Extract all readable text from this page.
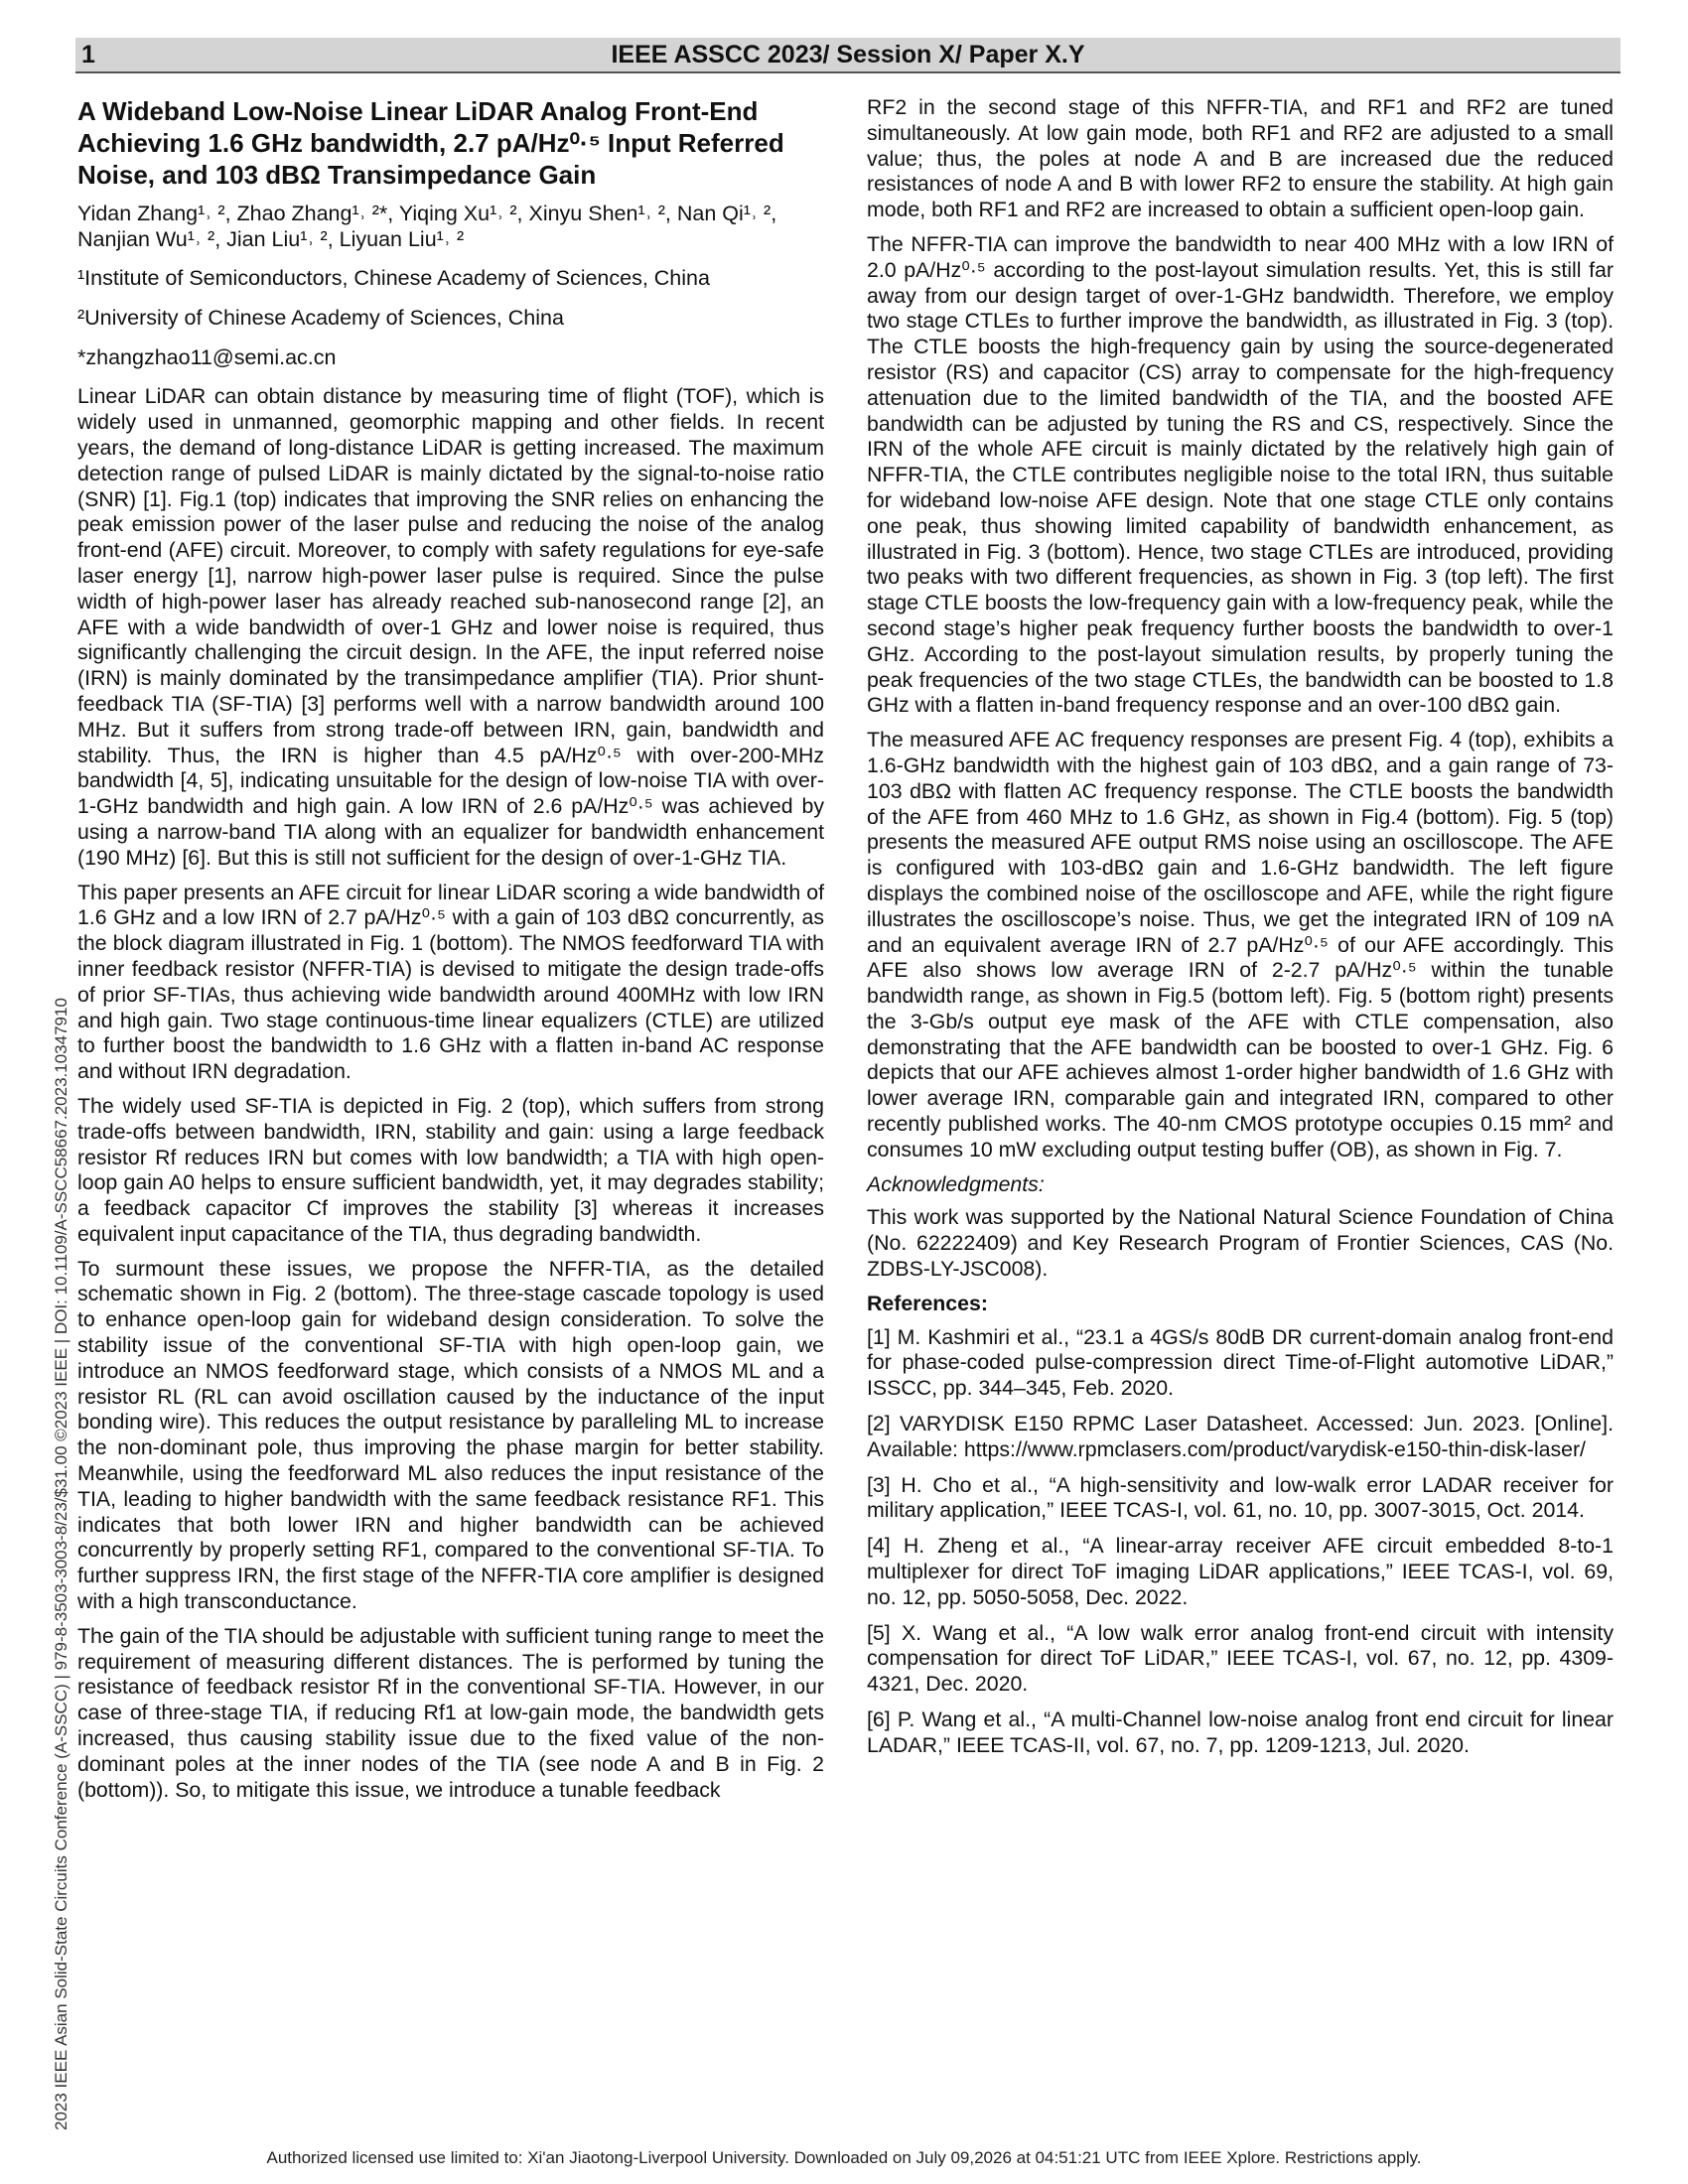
1	IEEE ASSCC 2023/ Session X/ Paper X.Y
2023 IEEE Asian Solid-State Circuits Conference (A-SSCC) | 979-8-3503-3003-8/23/$31.00 ©2023 IEEE | DOI: 10.1109/A-SSCC58667.2023.10347910
A Wideband Low-Noise Linear LiDAR Analog Front-End Achieving 1.6 GHz bandwidth, 2.7 pA/Hz⁰·⁵ Input Referred Noise, and 103 dBΩ Transimpedance Gain
Yidan Zhang¹˒ ², Zhao Zhang¹˒ ²*, Yiqing Xu¹˒ ², Xinyu Shen¹˒ ², Nan Qi¹˒ ², Nanjian Wu¹˒ ², Jian Liu¹˒ ², Liyuan Liu¹˒ ²
¹Institute of Semiconductors, Chinese Academy of Sciences, China
²University of Chinese Academy of Sciences, China
*zhangzhao11@semi.ac.cn

Linear LiDAR can obtain distance by measuring time of flight (TOF), which is widely used in unmanned, geomorphic mapping and other fields. In recent years, the demand of long-distance LiDAR is getting increased. The maximum detection range of pulsed LiDAR is mainly dictated by the signal-to-noise ratio (SNR) [1]. Fig.1 (top) indicates that improving the SNR relies on enhancing the peak emission power of the laser pulse and reducing the noise of the analog front-end (AFE) circuit. Moreover, to comply with safety regulations for eye-safe laser energy [1], narrow high-power laser pulse is required. Since the pulse width of high-power laser has already reached sub-nanosecond range [2], an AFE with a wide bandwidth of over-1 GHz and lower noise is required, thus significantly challenging the circuit design. In the AFE, the input referred noise (IRN) is mainly dominated by the transimpedance amplifier (TIA). Prior shunt-feedback TIA (SF-TIA) [3] performs well with a narrow bandwidth around 100 MHz. But it suffers from strong trade-off between IRN, gain, bandwidth and stability. Thus, the IRN is higher than 4.5 pA/Hz⁰·⁵ with over-200-MHz bandwidth [4, 5], indicating unsuitable for the design of low-noise TIA with over-1-GHz bandwidth and high gain. A low IRN of 2.6 pA/Hz⁰·⁵ was achieved by using a narrow-band TIA along with an equalizer for bandwidth enhancement (190 MHz) [6]. But this is still not sufficient for the design of over-1-GHz TIA.

This paper presents an AFE circuit for linear LiDAR scoring a wide bandwidth of 1.6 GHz and a low IRN of 2.7 pA/Hz⁰·⁵ with a gain of 103 dBΩ concurrently, as the block diagram illustrated in Fig. 1 (bottom). The NMOS feedforward TIA with inner feedback resistor (NFFR-TIA) is devised to mitigate the design trade-offs of prior SF-TIAs, thus achieving wide bandwidth around 400MHz with low IRN and high gain. Two stage continuous-time linear equalizers (CTLE) are utilized to further boost the bandwidth to 1.6 GHz with a flatten in-band AC response and without IRN degradation.

The widely used SF-TIA is depicted in Fig. 2 (top), which suffers from strong trade-offs between bandwidth, IRN, stability and gain: using a large feedback resistor Rf reduces IRN but comes with low bandwidth; a TIA with high open-loop gain A0 helps to ensure sufficient bandwidth, yet, it may degrades stability; a feedback capacitor Cf improves the stability [3] whereas it increases equivalent input capacitance of the TIA, thus degrading bandwidth.

To surmount these issues, we propose the NFFR-TIA, as the detailed schematic shown in Fig. 2 (bottom). The three-stage cascade topology is used to enhance open-loop gain for wideband design consideration. To solve the stability issue of the conventional SF-TIA with high open-loop gain, we introduce an NMOS feedforward stage, which consists of a NMOS ML and a resistor RL (RL can avoid oscillation caused by the inductance of the input bonding wire). This reduces the output resistance by paralleling ML to increase the non-dominant pole, thus improving the phase margin for better stability. Meanwhile, using the feedforward ML also reduces the input resistance of the TIA, leading to higher bandwidth with the same feedback resistance RF1. This indicates that both lower IRN and higher bandwidth can be achieved concurrently by properly setting RF1, compared to the conventional SF-TIA. To further suppress IRN, the first stage of the NFFR-TIA core amplifier is designed with a high transconductance.

The gain of the TIA should be adjustable with sufficient tuning range to meet the requirement of measuring different distances. The is performed by tuning the resistance of feedback resistor Rf in the conventional SF-TIA. However, in our case of three-stage TIA, if reducing Rf1 at low-gain mode, the bandwidth gets increased, thus causing stability issue due to the fixed value of the non-dominant poles at the inner nodes of the TIA (see node A and B in Fig. 2 (bottom)). So, to mitigate this issue, we introduce a tunable feedback

RF2 in the second stage of this NFFR-TIA, and RF1 and RF2 are tuned simultaneously. At low gain mode, both RF1 and RF2 are adjusted to a small value; thus, the poles at node A and B are increased due the reduced resistances of node A and B with lower RF2 to ensure the stability. At high gain mode, both RF1 and RF2 are increased to obtain a sufficient open-loop gain.

The NFFR-TIA can improve the bandwidth to near 400 MHz with a low IRN of 2.0 pA/Hz⁰·⁵ according to the post-layout simulation results. Yet, this is still far away from our design target of over-1-GHz bandwidth. Therefore, we employ two stage CTLEs to further improve the bandwidth, as illustrated in Fig. 3 (top). The CTLE boosts the high-frequency gain by using the source-degenerated resistor (RS) and capacitor (CS) array to compensate for the high-frequency attenuation due to the limited bandwidth of the TIA, and the boosted AFE bandwidth can be adjusted by tuning the RS and CS, respectively. Since the IRN of the whole AFE circuit is mainly dictated by the relatively high gain of NFFR-TIA, the CTLE contributes negligible noise to the total IRN, thus suitable for wideband low-noise AFE design. Note that one stage CTLE only contains one peak, thus showing limited capability of bandwidth enhancement, as illustrated in Fig. 3 (bottom). Hence, two stage CTLEs are introduced, providing two peaks with two different frequencies, as shown in Fig. 3 (top left). The first stage CTLE boosts the low-frequency gain with a low-frequency peak, while the second stage’s higher peak frequency further boosts the bandwidth to over-1 GHz. According to the post-layout simulation results, by properly tuning the peak frequencies of the two stage CTLEs, the bandwidth can be boosted to 1.8 GHz with a flatten in-band frequency response and an over-100 dBΩ gain.

The measured AFE AC frequency responses are present Fig. 4 (top), exhibits a 1.6-GHz bandwidth with the highest gain of 103 dBΩ, and a gain range of 73-103 dBΩ with flatten AC frequency response. The CTLE boosts the bandwidth of the AFE from 460 MHz to 1.6 GHz, as shown in Fig.4 (bottom). Fig. 5 (top) presents the measured AFE output RMS noise using an oscilloscope. The AFE is configured with 103-dBΩ gain and 1.6-GHz bandwidth. The left figure displays the combined noise of the oscilloscope and AFE, while the right figure illustrates the oscilloscope’s noise. Thus, we get the integrated IRN of 109 nA and an equivalent average IRN of 2.7 pA/Hz⁰·⁵ of our AFE accordingly. This AFE also shows low average IRN of 2-2.7 pA/Hz⁰·⁵ within the tunable bandwidth range, as shown in Fig.5 (bottom left). Fig. 5 (bottom right) presents the 3-Gb/s output eye mask of the AFE with CTLE compensation, also demonstrating that the AFE bandwidth can be boosted to over-1 GHz. Fig. 6 depicts that our AFE achieves almost 1-order higher bandwidth of 1.6 GHz with lower average IRN, comparable gain and integrated IRN, compared to other recently published works. The 40-nm CMOS prototype occupies 0.15 mm² and consumes 10 mW excluding output testing buffer (OB), as shown in Fig. 7.

Acknowledgments:

This work was supported by the National Natural Science Foundation of China (No. 62222409) and Key Research Program of Frontier Sciences, CAS (No. ZDBS-LY-JSC008).

References:
[1] M. Kashmiri et al., “23.1 a 4GS/s 80dB DR current-domain analog front-end for phase-coded pulse-compression direct Time-of-Flight automotive LiDAR,” ISSCC, pp. 344–345, Feb. 2020.
[2] VARYDISK E150 RPMC Laser Datasheet. Accessed: Jun. 2023. [Online]. Available: https://www.rpmclasers.com/product/varydisk-e150-thin-disk-laser/
[3] H. Cho et al., “A high-sensitivity and low-walk error LADAR receiver for military application,” IEEE TCAS-I, vol. 61, no. 10, pp. 3007-3015, Oct. 2014.
[4] H. Zheng et al., “A linear-array receiver AFE circuit embedded 8-to-1 multiplexer for direct ToF imaging LiDAR applications,” IEEE TCAS-I, vol. 69, no. 12, pp. 5050-5058, Dec. 2022.
[5] X. Wang et al., “A low walk error analog front-end circuit with intensity compensation for direct ToF LiDAR,” IEEE TCAS-I, vol. 67, no. 12, pp. 4309-4321, Dec. 2020.
[6] P. Wang et al., “A multi-Channel low-noise analog front end circuit for linear LADAR,” IEEE TCAS-II, vol. 67, no. 7, pp. 1209-1213, Jul. 2020.
Authorized licensed use limited to: Xi'an Jiaotong-Liverpool University. Downloaded on July 09,2026 at 04:51:21 UTC from IEEE Xplore. Restrictions apply.
